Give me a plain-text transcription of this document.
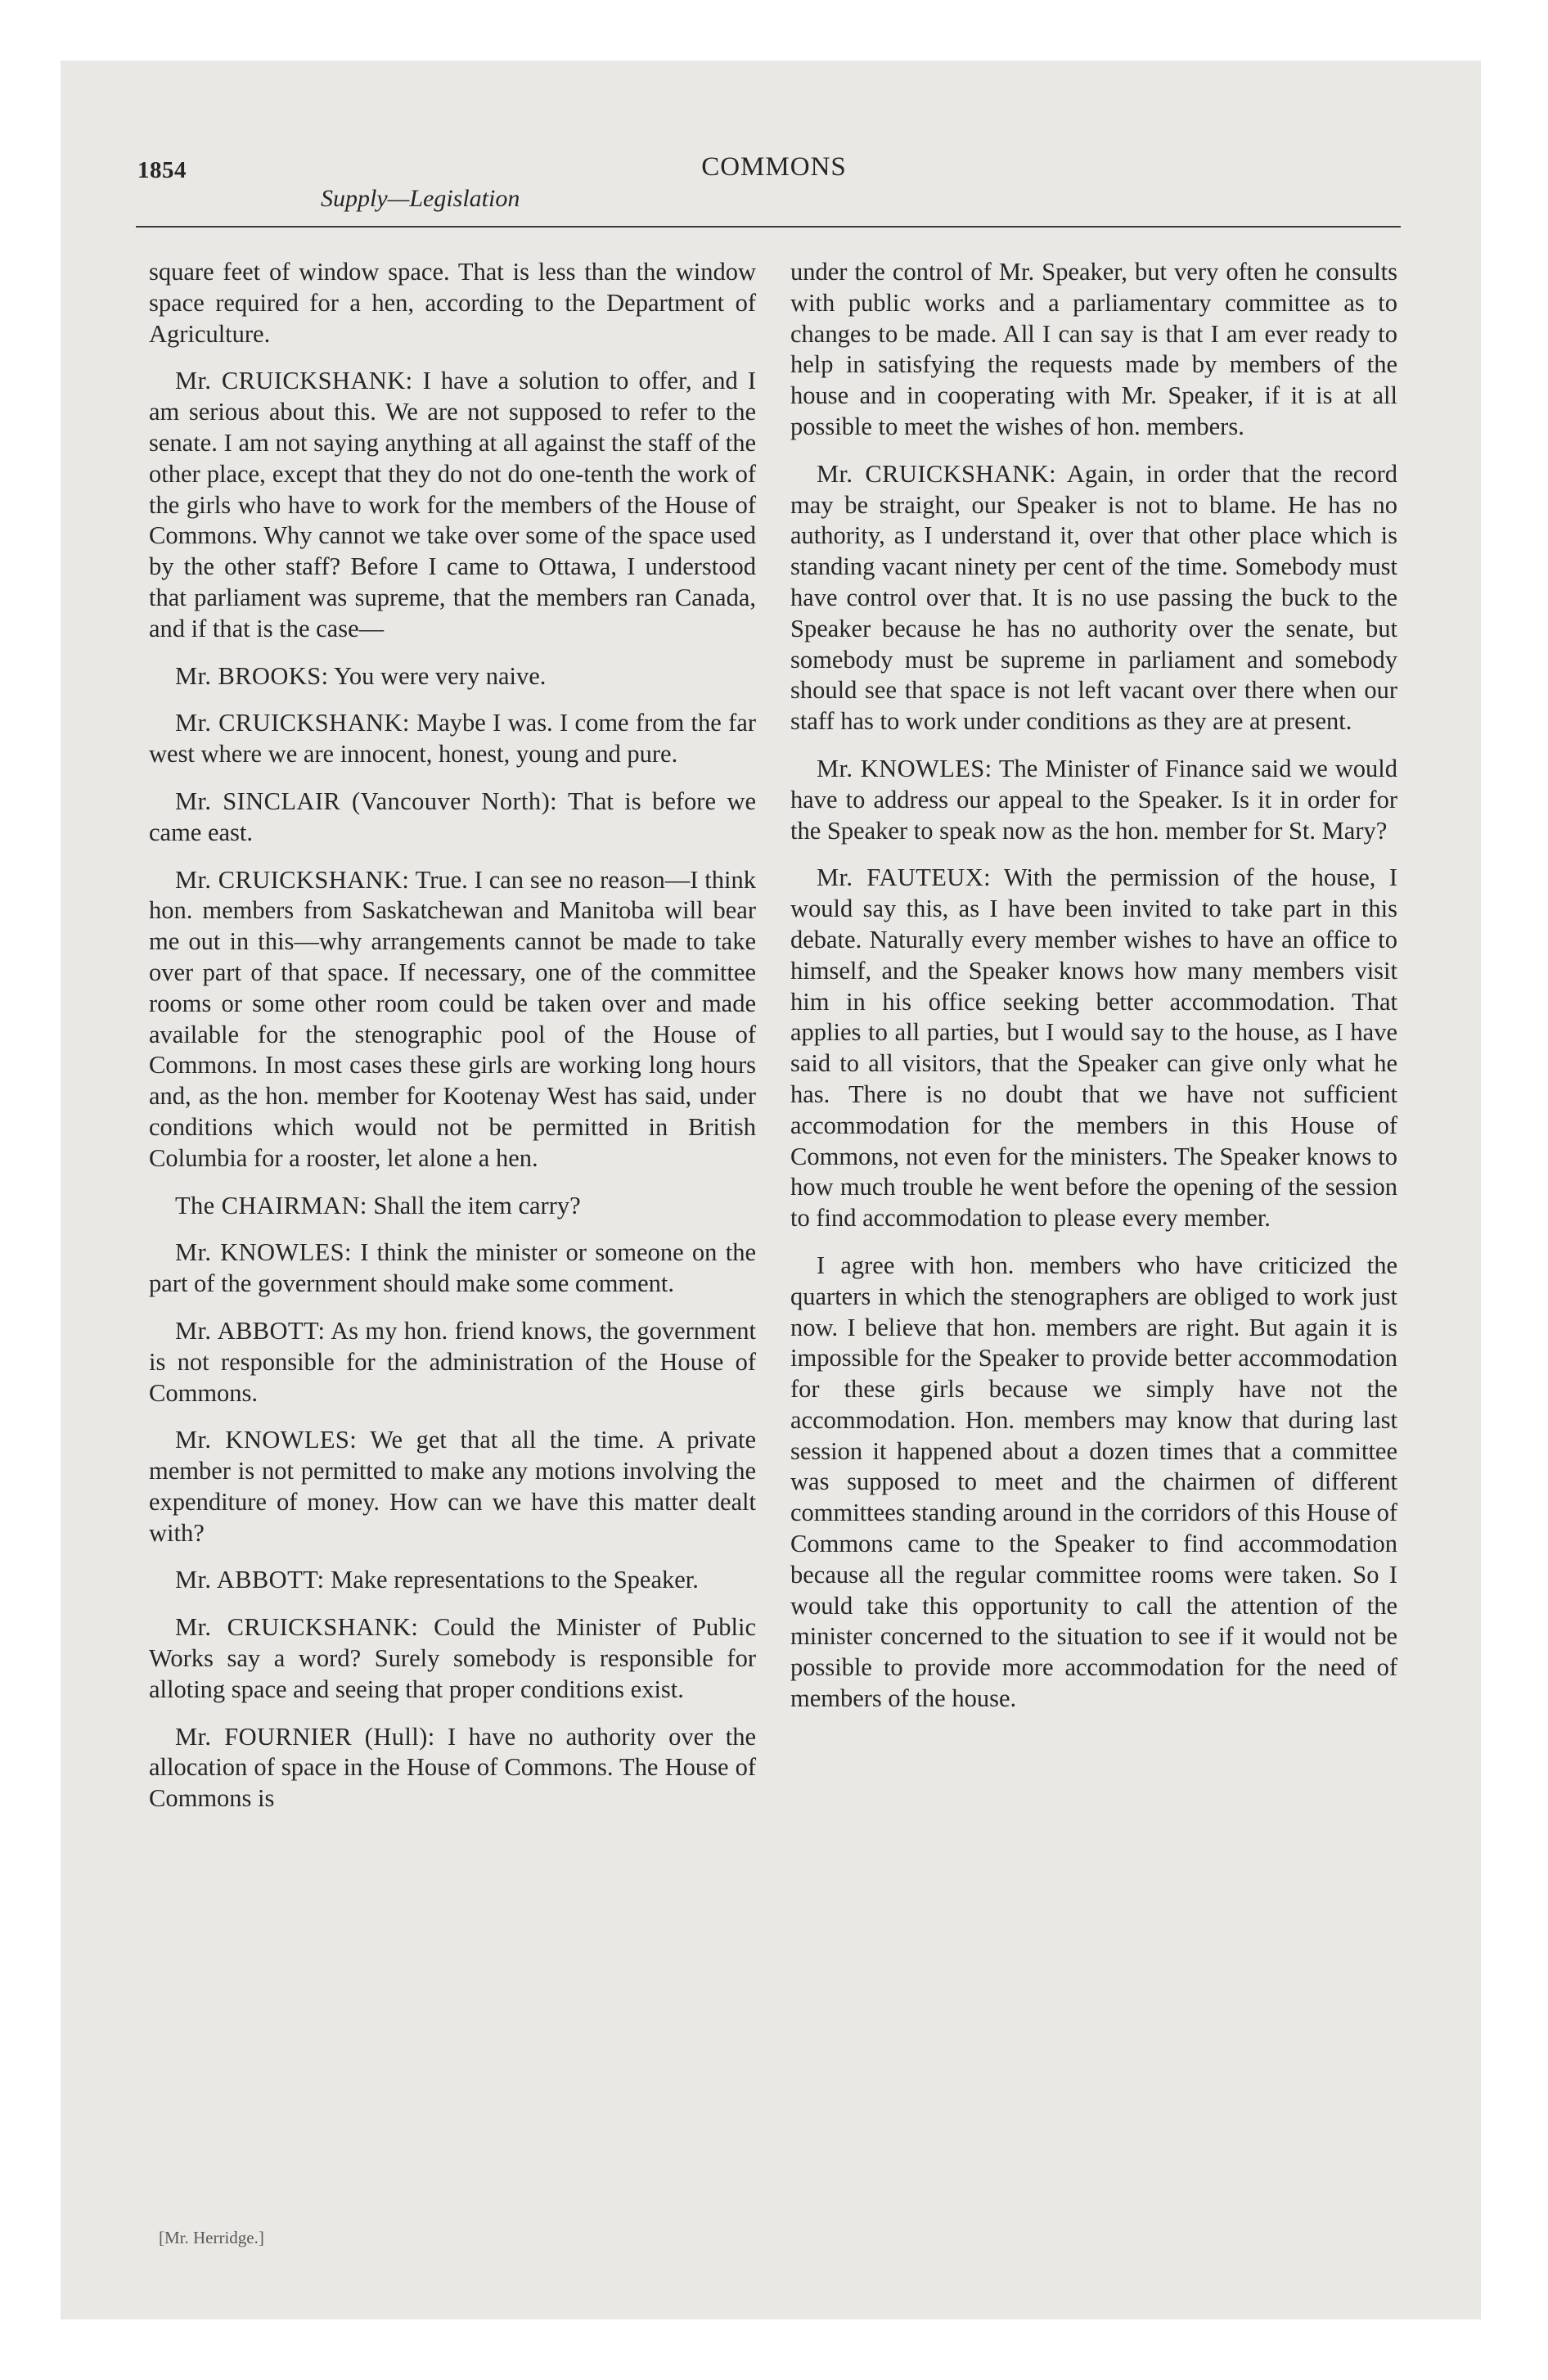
1854	COMMONS
Supply—Legislation

square feet of window space. That is less than the window space required for a hen, according to the Department of Agriculture.

Mr. CRUICKSHANK: I have a solution to offer, and I am serious about this. We are not supposed to refer to the senate. I am not saying anything at all against the staff of the other place, except that they do not do one-tenth the work of the girls who have to work for the members of the House of Commons. Why cannot we take over some of the space used by the other staff? Before I came to Ottawa, I understood that parliament was supreme, that the members ran Canada, and if that is the case—

Mr. BROOKS: You were very naive.

Mr. CRUICKSHANK: Maybe I was. I come from the far west where we are innocent, honest, young and pure.

Mr. SINCLAIR (Vancouver North): That is before we came east.

Mr. CRUICKSHANK: True. I can see no reason—I think hon. members from Saskatchewan and Manitoba will bear me out in this—why arrangements cannot be made to take over part of that space. If necessary, one of the committee rooms or some other room could be taken over and made available for the stenographic pool of the House of Commons. In most cases these girls are working long hours and, as the hon. member for Kootenay West has said, under conditions which would not be permitted in British Columbia for a rooster, let alone a hen.

The CHAIRMAN: Shall the item carry?

Mr. KNOWLES: I think the minister or someone on the part of the government should make some comment.

Mr. ABBOTT: As my hon. friend knows, the government is not responsible for the administration of the House of Commons.

Mr. KNOWLES: We get that all the time. A private member is not permitted to make any motions involving the expenditure of money. How can we have this matter dealt with?

Mr. ABBOTT: Make representations to the Speaker.

Mr. CRUICKSHANK: Could the Minister of Public Works say a word? Surely somebody is responsible for alloting space and seeing that proper conditions exist.

Mr. FOURNIER (Hull): I have no authority over the allocation of space in the House of Commons. The House of Commons is

under the control of Mr. Speaker, but very often he consults with public works and a parliamentary committee as to changes to be made. All I can say is that I am ever ready to help in satisfying the requests made by members of the house and in cooperating with Mr. Speaker, if it is at all possible to meet the wishes of hon. members.

Mr. CRUICKSHANK: Again, in order that the record may be straight, our Speaker is not to blame. He has no authority, as I understand it, over that other place which is standing vacant ninety per cent of the time. Somebody must have control over that. It is no use passing the buck to the Speaker because he has no authority over the senate, but somebody must be supreme in parliament and somebody should see that space is not left vacant over there when our staff has to work under conditions as they are at present.

Mr. KNOWLES: The Minister of Finance said we would have to address our appeal to the Speaker. Is it in order for the Speaker to speak now as the hon. member for St. Mary?

Mr. FAUTEUX: With the permission of the house, I would say this, as I have been invited to take part in this debate. Naturally every member wishes to have an office to himself, and the Speaker knows how many members visit him in his office seeking better accommodation. That applies to all parties, but I would say to the house, as I have said to all visitors, that the Speaker can give only what he has. There is no doubt that we have not sufficient accommodation for the members in this House of Commons, not even for the ministers. The Speaker knows to how much trouble he went before the opening of the session to find accommodation to please every member.

I agree with hon. members who have criticized the quarters in which the stenographers are obliged to work just now. I believe that hon. members are right. But again it is impossible for the Speaker to provide better accommodation for these girls because we simply have not the accommodation. Hon. members may know that during last session it happened about a dozen times that a committee was supposed to meet and the chairmen of different committees standing around in the corridors of this House of Commons came to the Speaker to find accommodation because all the regular committee rooms were taken. So I would take this opportunity to call the attention of the minister concerned to the situation to see if it would not be possible to provide more accommodation for the need of members of the house.

[Mr. Herridge.]
